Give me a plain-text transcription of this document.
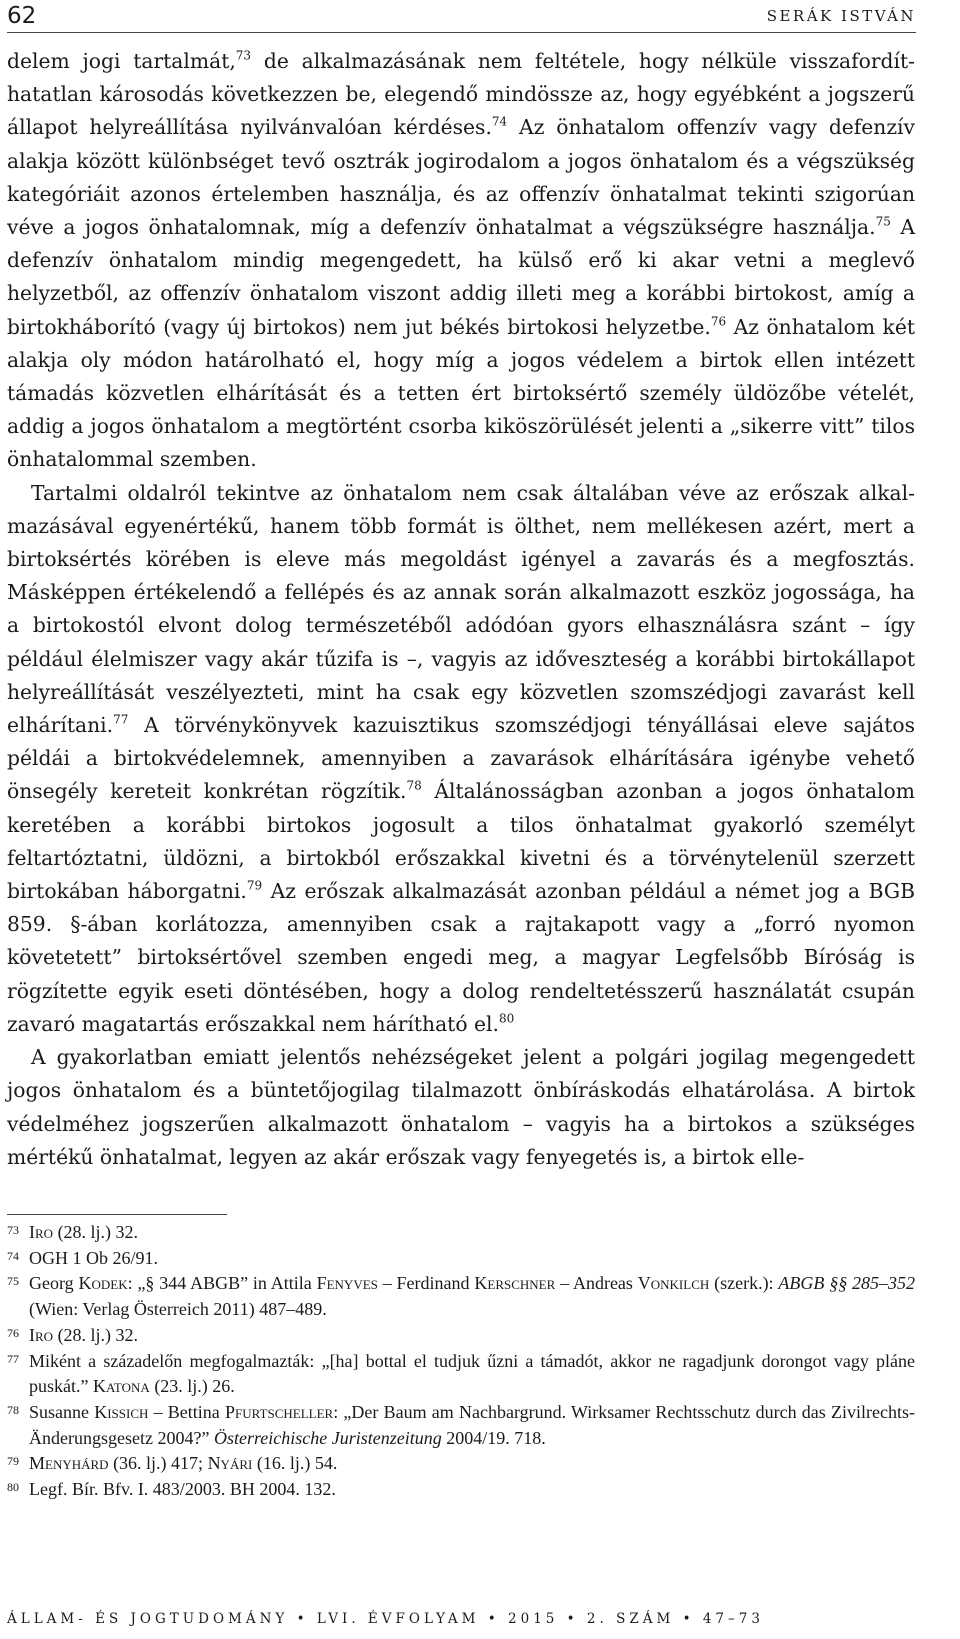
62	SERÁK ISTVÁN

delem jogi tartalmát,$^{73}$ de alkalmazásának nem feltétele, hogy nélküle visszafordíthatatlan károsodás következzen be, elegendő mindössze az, hogy egyébként a jogszerű állapot helyreállítása nyilvánvalóan kérdéses.$^{74}$ Az önhatalom offenzív vagy defenzív alakja között különbséget tevő osztrák jogirodalom a jogos önhatalom és a végszükség kategóriáit azonos értelemben használja, és az offenzív önhatalmat tekinti szigorúan véve a jogos önhatalomnak, míg a defenzív önhatalmat a végszükségre használja.$^{75}$ A defenzív önhatalom mindig megengedett, ha külső erő ki akar vetni a meglevő helyzetből, az offenzív önhatalom viszont addig illeti meg a korábbi birtokost, amíg a birtokháborító (vagy új birtokos) nem jut békés birtokosi helyzetbe.$^{76}$ Az önhatalom két alakja oly módon határolható el, hogy míg a jogos védelem a birtok ellen intézett támadás közvetlen elhárítását és a tetten ért birtoksértő személy üldözőbe vételét, addig a jogos önhatalom a megtörtént csorba kiköszörülését jelenti a „sikerre vitt” tilos önhatalommal szemben.

Tartalmi oldalról tekintve az önhatalom nem csak általában véve az erőszak alkalmazásával egyenértékű, hanem több formát is ölthet, nem mellékesen azért, mert a birtoksértés körében is eleve más megoldást igényel a zavarás és a megfosztás. Másképpen értékelendő a fellépés és az annak során alkalmazott eszköz jogossága, ha a birtokostól elvont dolog természetéből adódóan gyors elhasználásra szánt – így például élelmiszer vagy akár tűzifa is –, vagyis az időveszteség a korábbi birtokállapot helyreállítását veszélyezteti, mint ha csak egy közvetlen szomszédjogi zavarást kell elhárítani.$^{77}$ A törvénykönyvek kazuisztikus szomszédjogi tényállásai eleve sajátos példái a birtokvédelemnek, amennyiben a zavarások elhárítására igénybe vehető önsegély kereteit konkrétan rögzítik.$^{78}$ Általánosságban azonban a jogos önhatalom keretében a korábbi birtokos jogosult a tilos önhatalmat gyakorló személyt feltartóztatni, üldözni, a birtokból erőszakkal kivetni és a törvénytelenül szerzett birtokában háborgatni.$^{79}$ Az erőszak alkalmazását azonban például a német jog a BGB 859. §-ában korlátozza, amennyiben csak a rajtakapott vagy a „forró nyomon követetett” birtoksértővel szemben engedi meg, a magyar Legfelsőbb Bíróság is rögzítette egyik eseti döntésében, hogy a dolog rendeltetésszerű használatát csupán zavaró magatartás erőszakkal nem hárítható el.$^{80}$

A gyakorlatban emiatt jelentős nehézségeket jelent a polgári jogilag megengedett jogos önhatalom és a büntetőjogilag tilalmazott önbíráskodás elhatárolása. A birtok védelméhez jogszerűen alkalmazott önhatalom – vagyis ha a birtokos a szükséges mértékű önhatalmat, legyen az akár erőszak vagy fenyegetés is, a birtok elle-

73 Iro (28. lj.) 32.
74 OGH 1 Ob 26/91.
75 Georg Kodek: „§ 344 ABGB” in Attila Fenyves – Ferdinand Kerschner – Andreas Vonkilch (szerk.): ABGB §§ 285–352 (Wien: Verlag Österreich 2011) 487–489.
76 Iro (28. lj.) 32.
77 Miként a századelőn megfogalmazták: „[ha] bottal el tudjuk űzni a támadót, akkor ne ragadjunk dorongot vagy pláne puskát.” Katona (23. lj.) 26.
78 Susanne Kissich – Bettina Pfurtscheller: „Der Baum am Nachbargrund. Wirksamer Rechtsschutz durch das Zivilrechts-Änderungsgesetz 2004?” Österreichische Juristenzeitung 2004/19. 718.
79 Menyhárd (36. lj.) 417; Nyári (16. lj.) 54.
80 Legf. Bír. Bfv. I. 483/2003. BH 2004. 132.
ÁLLAM- ÉS JOGTUDOMÁNY • LVI. ÉVFOLYAM • 2015 • 2. SZÁM • 47–73
